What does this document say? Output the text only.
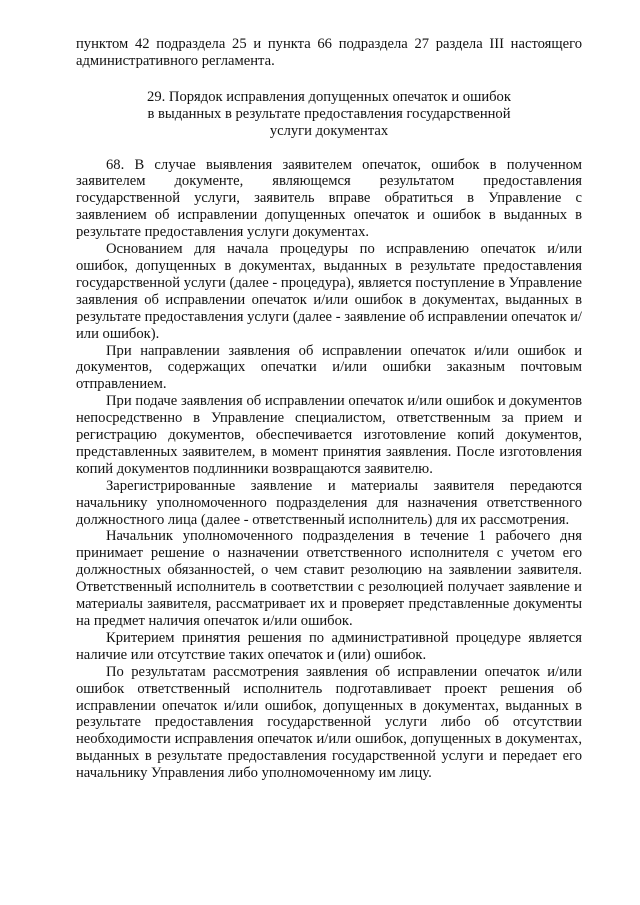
пунктом 42 подраздела 25 и пункта 66 подраздела 27 раздела III настоящего административного регламента.

29. Порядок исправления допущенных опечаток и ошибок
в выданных в результате предоставления государственной
услуги документах

68. В случае выявления заявителем опечаток, ошибок в полученном заявителем документе, являющемся результатом предоставления государственной услуги, заявитель вправе обратиться в Управление с заявлением об исправлении допущенных опечаток и ошибок в выданных в результате предоставления услуги документах.

Основанием для начала процедуры по исправлению опечаток и/или ошибок, допущенных в документах, выданных в результате предоставления государственной услуги (далее - процедура), является поступление в Управление заявления об исправлении опечаток и/или ошибок в документах, выданных в результате предоставления услуги (далее - заявление об исправлении опечаток и/или ошибок).

При направлении заявления об исправлении опечаток и/или ошибок и документов, содержащих опечатки и/или ошибки заказным почтовым отправлением.

При подаче заявления об исправлении опечаток и/или ошибок и документов непосредственно в Управление специалистом, ответственным за прием и регистрацию документов, обеспечивается изготовление копий документов, представленных заявителем, в момент принятия заявления. После изготовления копий документов подлинники возвращаются заявителю.

Зарегистрированные заявление и материалы заявителя передаются начальнику уполномоченного подразделения для назначения ответственного должностного лица (далее - ответственный исполнитель) для их рассмотрения.

Начальник уполномоченного подразделения в течение 1 рабочего дня принимает решение о назначении ответственного исполнителя с учетом его должностных обязанностей, о чем ставит резолюцию на заявлении заявителя. Ответственный исполнитель в соответствии с резолюцией получает заявление и материалы заявителя, рассматривает их и проверяет представленные документы на предмет наличия опечаток и/или ошибок.

Критерием принятия решения по административной процедуре является наличие или отсутствие таких опечаток и (или) ошибок.

По результатам рассмотрения заявления об исправлении опечаток и/или ошибок ответственный исполнитель подготавливает проект решения об исправлении опечаток и/или ошибок, допущенных в документах, выданных в результате предоставления государственной услуги либо об отсутствии необходимости исправления опечаток и/или ошибок, допущенных в документах, выданных в результате предоставления государственной услуги и передает его начальнику Управления либо уполномоченному им лицу.
